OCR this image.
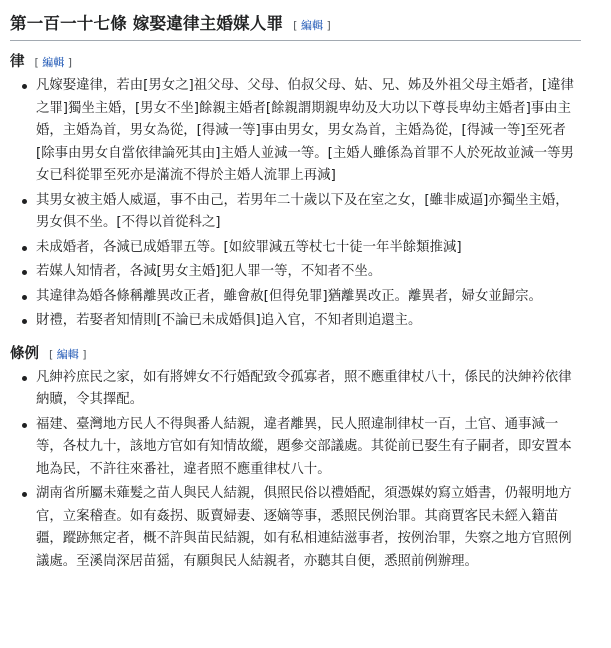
第一百一十七條 嫁娶違律主婚媒人罪 [ 編輯 ]
律 [ 編輯 ]
凡嫁娶違律，若由[男女之]祖父母、父母、伯叔父母、姑、兄、姊及外祖父母主婚者，[違律之罪]獨坐主婚，[男女不坐]餘親主婚者[餘親謂期親卑幼及大功以下尊長卑幼主婚者]事由主婚，主婚為首，男女為從，[得減一等]事由男女，男女為首，主婚為從，[得減一等]至死者[除事由男女自當依律論死其由]主婚人並減一等。[主婚人雖係為首罪不人於死故並減一等男女已科從罪至死亦是滿流不得於主婚人流罪上再減]
其男女被主婚人威逼，事不由己，若男年二十歲以下及在室之女，[雖非威逼]亦獨坐主婚，男女俱不坐。[不得以首從科之]
未成婚者，各減已成婚罪五等。[如絞罪減五等杖七十徒一年半餘類推減]
若媒人知情者，各減[男女主婚]犯人罪一等，不知者不坐。
其違律為婚各條稱離異改正者，雖會赦[但得免罪]猶離異改正。離異者，婦女並歸宗。
財禮，若娶者知情則[不論已未成婚俱]追入官，不知者則追還主。
條例 [ 編輯 ]
凡紳衿庶民之家，如有將婢女不行婚配致令孤寡者，照不應重律杖八十，係民的決紳衿依律納贖，令其擇配。
福建、臺灣地方民人不得與番人結親，違者離異，民人照違制律杖一百，土官、通事減一等，各杖九十，該地方官如有知情故縱，題參交部議處。其從前已娶生有子嗣者，即安置本地為民，不許往來番社，違者照不應重律杖八十。
湖南省所屬未薙髮之苗人與民人結親，俱照民俗以禮婚配，須憑媒妁寫立婚書，仍報明地方官，立案稽查。如有姦拐、販賣婦妻、逐嫡等事，悉照民例治罪。其商賈客民未經入籍苗疆，蹤跡無定者，概不許與苗民結親，如有私相連結滋事者，按例治罪，失察之地方官照例議處。至溪峝深居苗猺，有願與民人結親者，亦聽其自便，悉照前例辦理。
